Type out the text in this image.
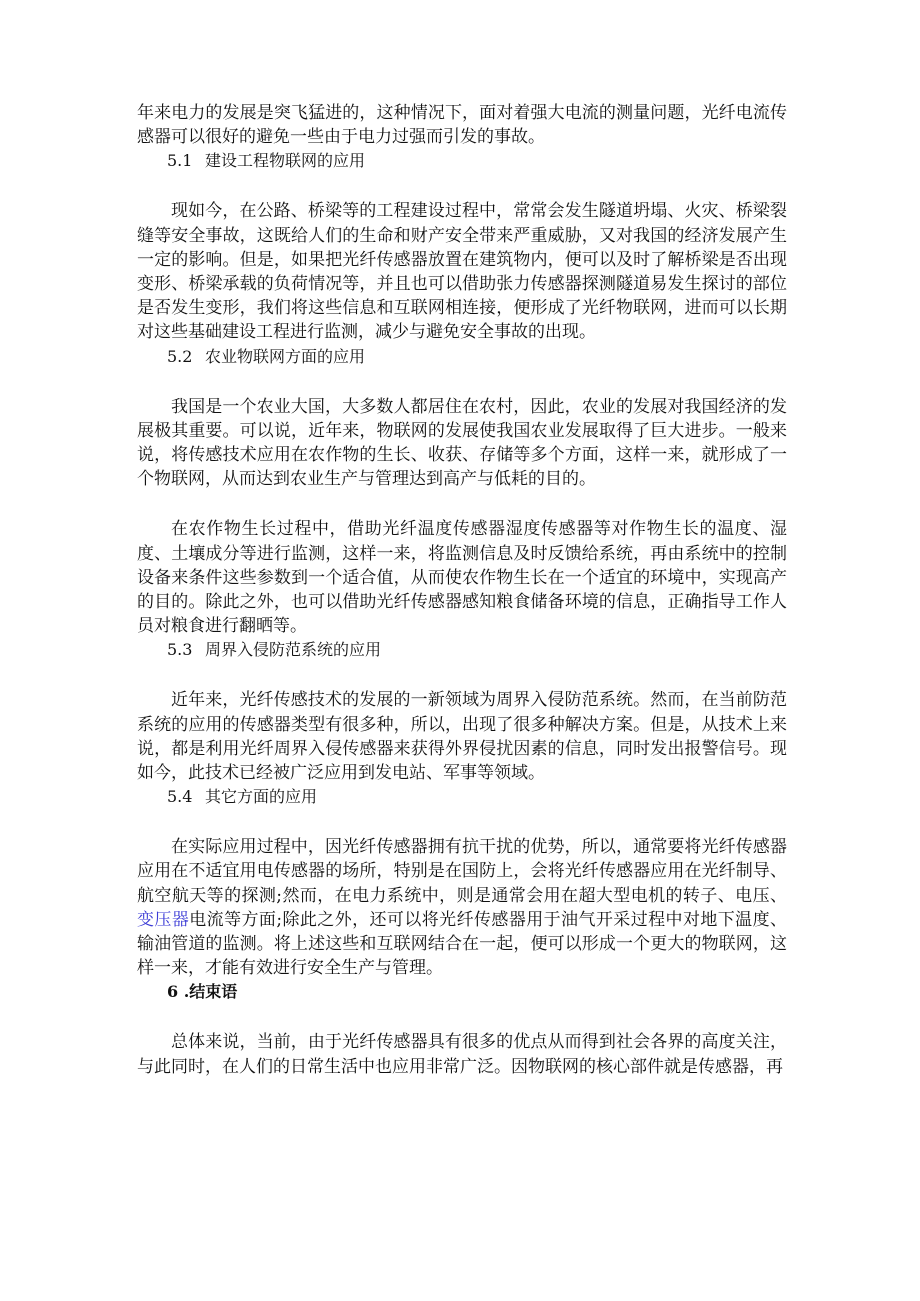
年来电力的发展是突飞猛进的，这种情况下，面对着强大电流的测量问题，光纤电流传感器可以很好的避免一些由于电力过强而引发的事故。

5.1 建设工程物联网的应用

现如今，在公路、桥梁等的工程建设过程中，常常会发生隧道坍塌、火灾、桥梁裂缝等安全事故，这既给人们的生命和财产安全带来严重威胁，又对我国的经济发展产生一定的影响。但是，如果把光纤传感器放置在建筑物内，便可以及时了解桥梁是否出现变形、桥梁承载的负荷情况等，并且也可以借助张力传感器探测隧道易发生探讨的部位是否发生变形，我们将这些信息和互联网相连接，便形成了光纤物联网，进而可以长期对这些基础建设工程进行监测，减少与避免安全事故的出现。

5.2 农业物联网方面的应用

我国是一个农业大国，大多数人都居住在农村，因此，农业的发展对我国经济的发展极其重要。可以说，近年来，物联网的发展使我国农业发展取得了巨大进步。一般来说，将传感技术应用在农作物的生长、收获、存储等多个方面，这样一来，就形成了一个物联网，从而达到农业生产与管理达到高产与低耗的目的。

在农作物生长过程中，借助光纤温度传感器湿度传感器等对作物生长的温度、湿度、土壤成分等进行监测，这样一来，将监测信息及时反馈给系统，再由系统中的控制设备来条件这些参数到一个适合值，从而使农作物生长在一个适宜的环境中，实现高产的目的。除此之外，也可以借助光纤传感器感知粮食储备环境的信息，正确指导工作人员对粮食进行翻晒等。

5.3 周界入侵防范系统的应用

近年来，光纤传感技术的发展的一新领域为周界入侵防范系统。然而，在当前防范系统的应用的传感器类型有很多种，所以，出现了很多种解决方案。但是，从技术上来说，都是利用光纤周界入侵传感器来获得外界侵扰因素的信息，同时发出报警信号。现如今，此技术已经被广泛应用到发电站、军事等领域。

5.4 其它方面的应用

在实际应用过程中，因光纤传感器拥有抗干扰的优势，所以，通常要将光纤传感器应用在不适宜用电传感器的场所，特别是在国防上，会将光纤传感器应用在光纤制导、航空航天等的探测;然而，在电力系统中，则是通常会用在超大型电机的转子、电压、变压器电流等方面;除此之外，还可以将光纤传感器用于油气开采过程中对地下温度、输油管道的监测。将上述这些和互联网结合在一起，便可以形成一个更大的物联网，这样一来，才能有效进行安全生产与管理。

6 .结束语

总体来说，当前，由于光纤传感器具有很多的优点从而得到社会各界的高度关注，与此同时，在人们的日常生活中也应用非常广泛。因物联网的核心部件就是传感器，再
